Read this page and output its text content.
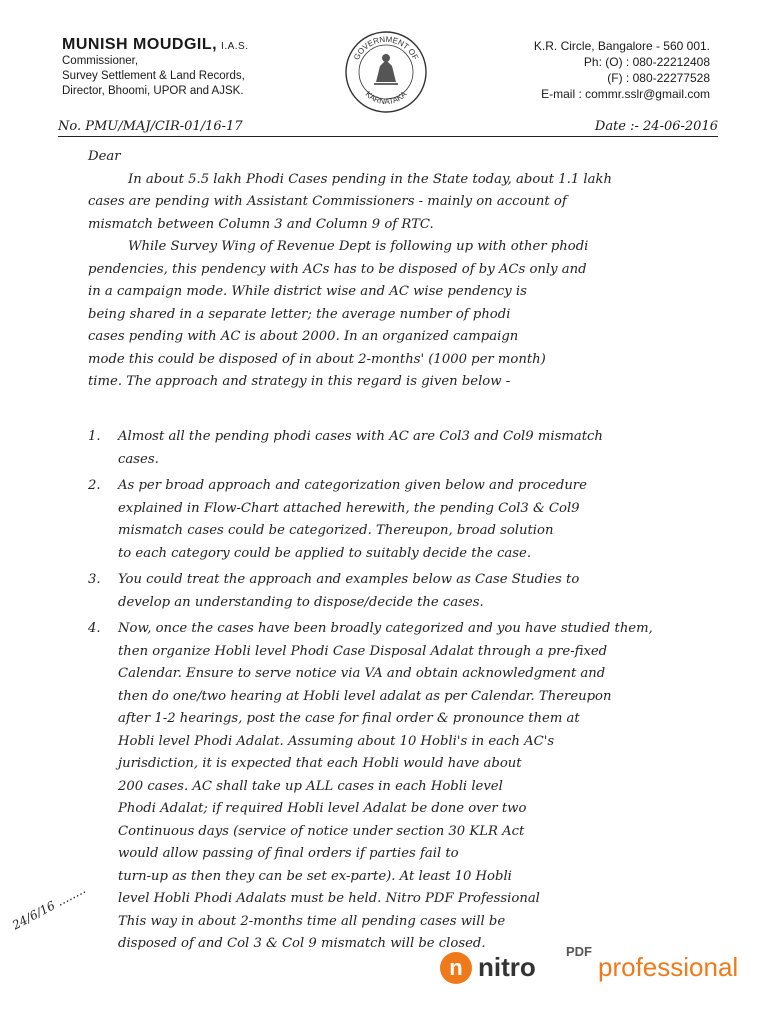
MUNISH MOUDGIL, I.A.S.
Commissioner,
Survey Settlement & Land Records,
Director, Bhoomi, UPOR and AJSK.
GOVERNMENT OF
KARNATAKA
K.R. Circle, Bangalore - 560 001.
Ph: (O) : 080-22212408
(F) : 080-22277528
E-mail : commr.sslr@gmail.com
No. PMU/MAJ/CIR-01/16-17	Date :- 24-06-2016
Dear
In about 5.5 lakh Phodi Cases pending in the State today, about 1.1 lakh
cases are pending with Assistant Commissioners - mainly on account of
mismatch between Column 3 and Column 9 of RTC.
While Survey Wing of Revenue Dept is following up with other phodi
pendencies, this pendency with ACs has to be disposed of by ACs only and
in a campaign mode. While district wise and AC wise pendency is
being shared in a separate letter; the average number of phodi
cases pending with AC is about 2000. In an organized campaign
mode this could be disposed of in about 2-months' (1000 per month)
time. The approach and strategy in this regard is given below -
1. Almost all the pending phodi cases with AC are Col3 and Col9 mismatch
cases.
2. As per broad approach and categorization given below and procedure
explained in Flow-Chart attached herewith, the pending Col3 & Col9
mismatch cases could be categorized. Thereupon, broad solution
to each category could be applied to suitably decide the case.
3. You could treat the approach and examples below as Case Studies to
develop an understanding to dispose/decide the cases.
4. Now, once the cases have been broadly categorized and you have studied them,
then organize Hobli level Phodi Case Disposal Adalat through a pre-fixed
Calendar. Ensure to serve notice via VA and obtain acknowledgment and
then do one/two hearing at Hobli level adalat as per Calendar. Thereupon
after 1-2 hearings, post the case for final order & pronounce them at
Hobli level Phodi Adalat. Assuming about 10 Hobli's in each AC's
jurisdiction, it is expected that each Hobli would have about
200 cases. AC shall take up ALL cases in each Hobli level
Phodi Adalat; if required Hobli level Adalat be done over two
Continuous days (service of notice under section 30 KLR Act
would allow passing of final orders if parties fail to
turn-up as then they can be set ex-parte). At least 10 Hobli
level Hobli Phodi Adalats must be held. Nitro PDF Professional
This way in about 2-months time all pending cases will be
disposed of and Col 3 & Col 9 mismatch will be closed.
24/6/16 ........
n nitro
PDF
professional
